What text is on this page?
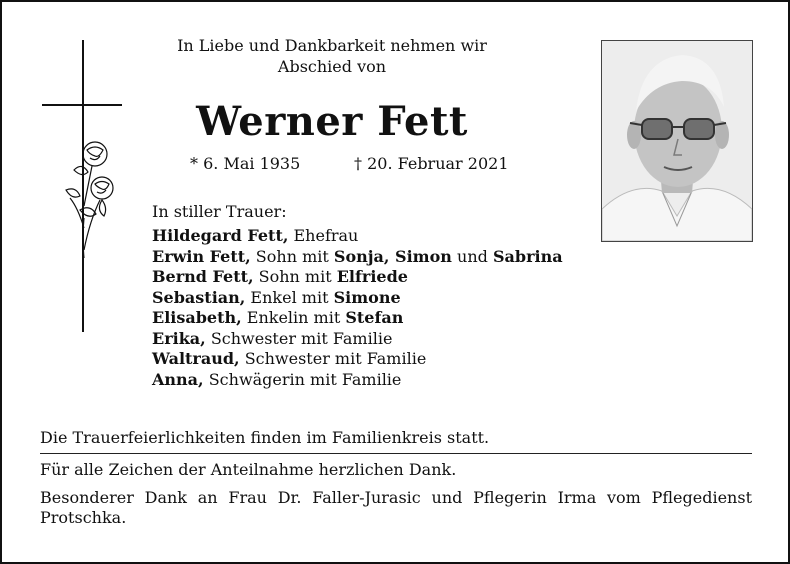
In Liebe und Dankbarkeit nehmen wir
Abschied von
Werner Fett
* 6. Mai 1935	† 20. Februar 2021
In stiller Trauer:
Hildegard Fett, Ehefrau
Erwin Fett, Sohn mit Sonja, Simon und Sabrina
Bernd Fett, Sohn mit Elfriede
Sebastian, Enkel mit Simone
Elisabeth, Enkelin mit Stefan
Erika, Schwester mit Familie
Waltraud, Schwester mit Familie
Anna, Schwägerin mit Familie
Die Trauerfeierlichkeiten finden im Familienkreis statt.
Für alle Zeichen der Anteilnahme herzlichen Dank.
Besonderer Dank an Frau Dr. Faller-Jurasic und Pflegerin Irma vom Pflegedienst Protschka.
